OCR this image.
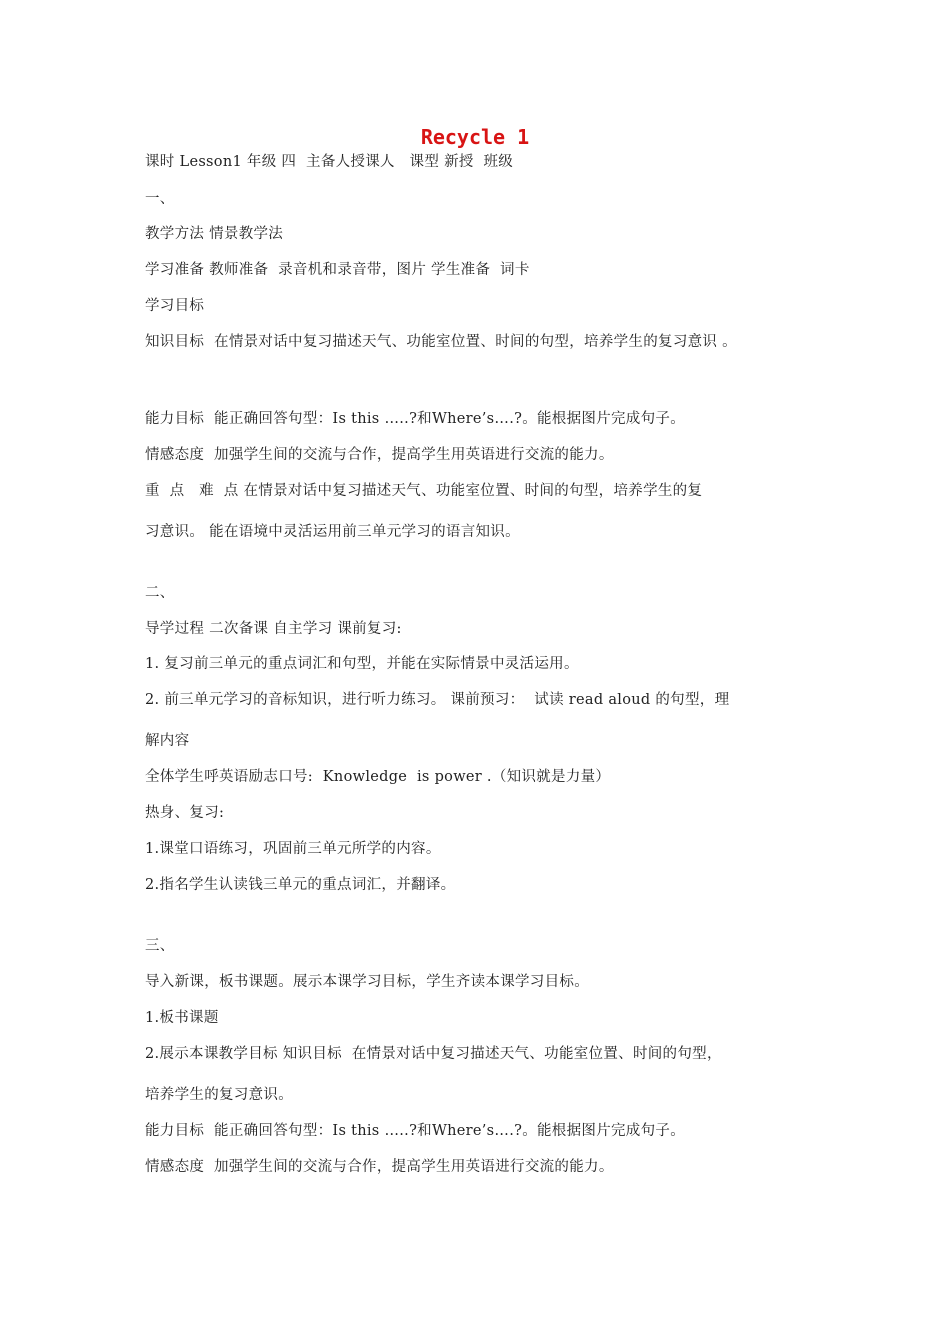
Recycle 1
课时 Lesson1 年级 四  主备人授课人   课型 新授  班级
一、
教学方法 情景教学法
学习准备 教师准备  录音机和录音带，图片 学生准备  词卡
学习目标
知识目标  在情景对话中复习描述天气、功能室位置、时间的句型，培养学生的复习意识 。
能力目标  能正确回答句型：Is this …..?和Where’s….?。能根据图片完成句子。
情感态度  加强学生间的交流与合作，提高学生用英语进行交流的能力。
重  点   难  点 在情景对话中复习描述天气、功能室位置、时间的句型，培养学生的复
习意识。 能在语境中灵活运用前三单元学习的语言知识。
二、
导学过程 二次备课 自主学习 课前复习:
1. 复习前三单元的重点词汇和句型，并能在实际情景中灵活运用。
2. 前三单元学习的音标知识，进行听力练习。 课前预习：  试读 read aloud 的句型，理
解内容
全体学生呼英语励志口号:  Knowledge  is power .（知识就是力量）
热身、复习:
1.课堂口语练习，巩固前三单元所学的内容。
2.指名学生认读钱三单元的重点词汇，并翻译。
三、
导入新课，板书课题。展示本课学习目标，学生齐读本课学习目标。
1.板书课题
2.展示本课教学目标 知识目标  在情景对话中复习描述天气、功能室位置、时间的句型，
培养学生的复习意识。
能力目标  能正确回答句型：Is this …..?和Where’s….?。能根据图片完成句子。
情感态度  加强学生间的交流与合作，提高学生用英语进行交流的能力。
